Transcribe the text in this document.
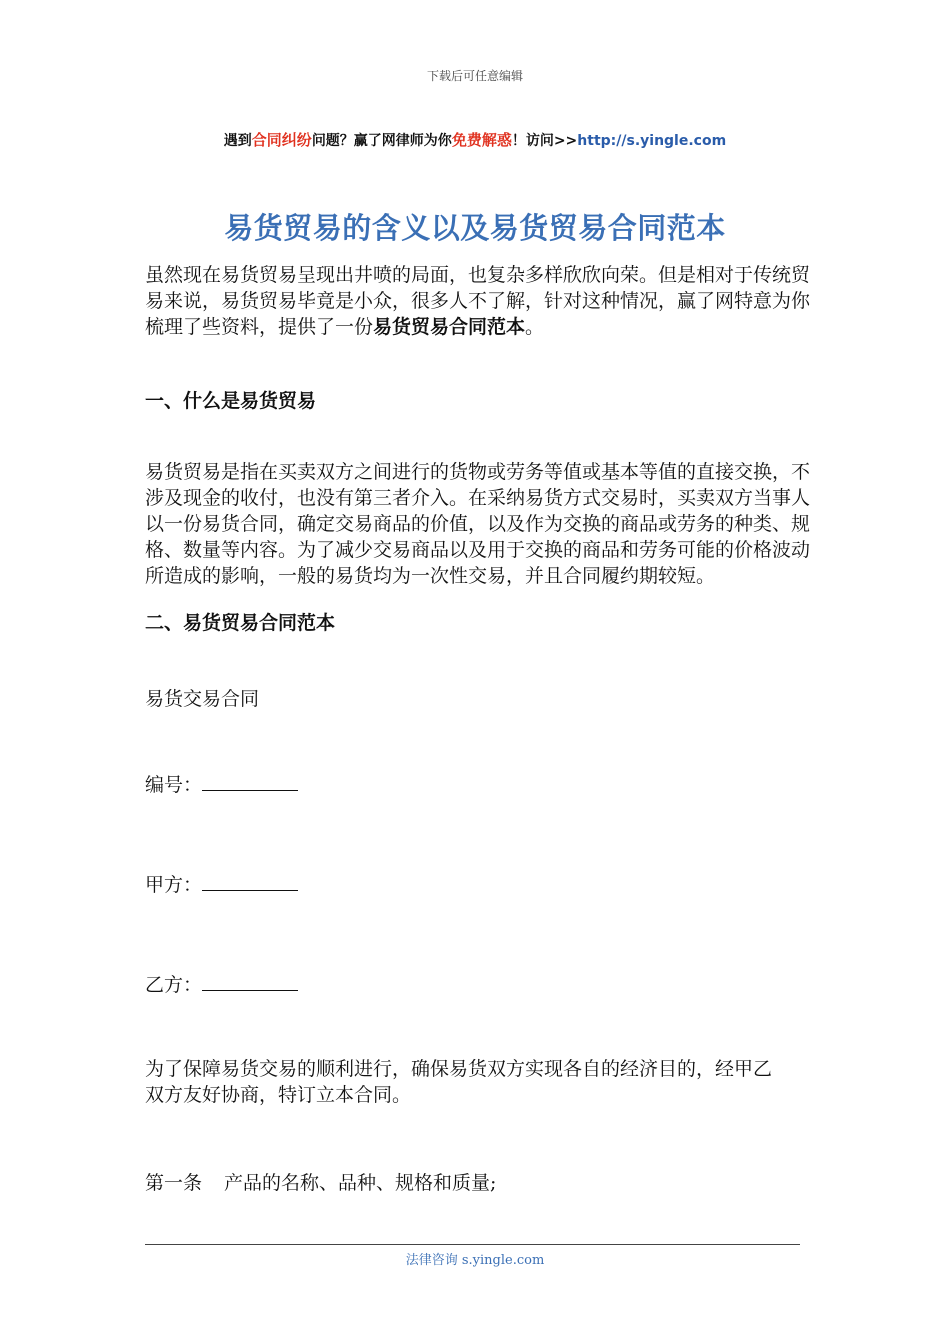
下载后可任意编辑
遇到合同纠纷问题？赢了网律师为你免费解惑！访问>>http://s.yingle.com
易货贸易的含义以及易货贸易合同范本
虽然现在易货贸易呈现出井喷的局面，也复杂多样欣欣向荣。但是相对于传统贸易来说，易货贸易毕竟是小众，很多人不了解，针对这种情况，赢了网特意为你梳理了些资料，提供了一份易货贸易合同范本。
一、什么是易货贸易
易货贸易是指在买卖双方之间进行的货物或劳务等值或基本等值的直接交换，不涉及现金的收付，也没有第三者介入。在采纳易货方式交易时，买卖双方当事人以一份易货合同，确定交易商品的价值，以及作为交换的商品或劳务的种类、规格、数量等内容。为了减少交易商品以及用于交换的商品和劳务可能的价格波动所造成的影响，一般的易货均为一次性交易，并且合同履约期较短。
二、易货贸易合同范本
易货交易合同
编号：
甲方：
乙方：
为了保障易货交易的顺利进行，确保易货双方实现各自的经济目的，经甲乙双方友好协商，特订立本合同。
第一条 产品的名称、品种、规格和质量;
法律咨询 s.yingle.com
